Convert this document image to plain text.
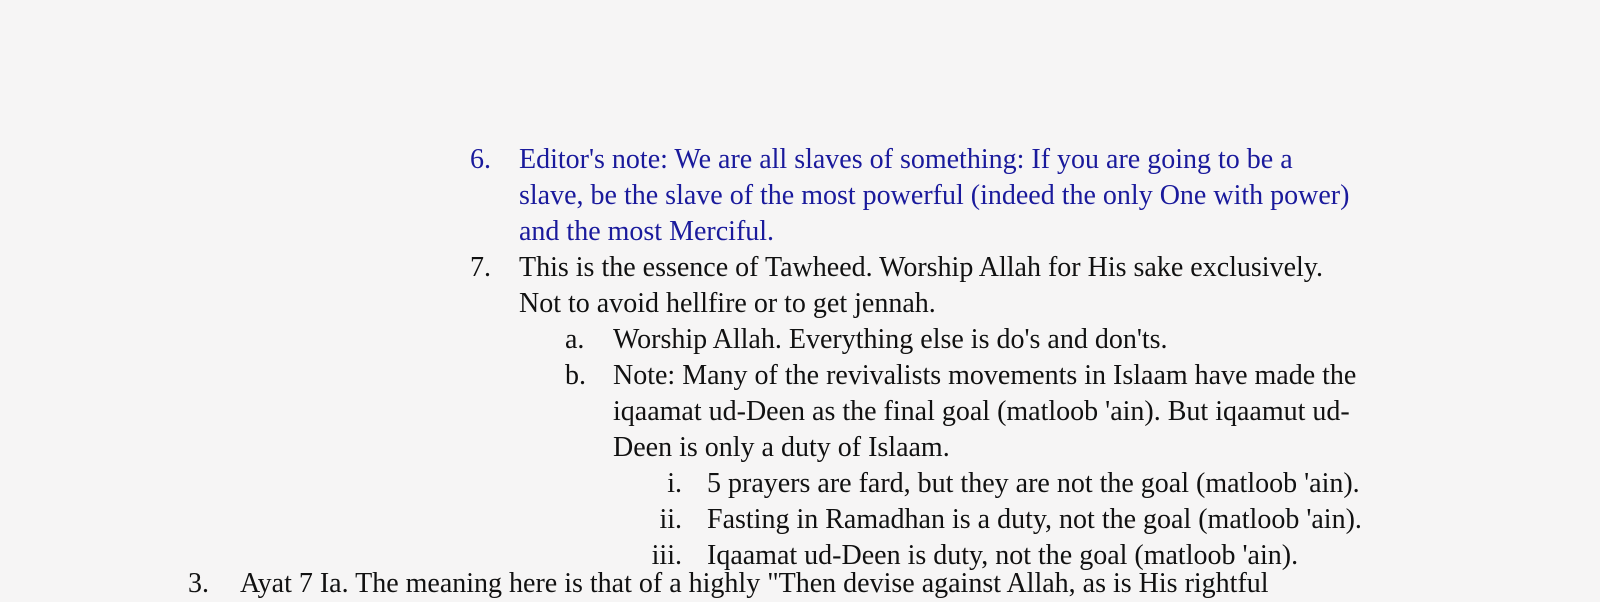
6. Editor's note: We are all slaves of something: If you are going to be a
slave, be the slave of the most powerful (indeed the only One with power)
and the most Merciful.
7. This is the essence of Tawheed. Worship Allah for His sake exclusively.
Not to avoid hellfire or to get jennah.
a. Worship Allah. Everything else is do's and don'ts.
b. Note: Many of the revivalists movements in Islaam have made the
iqaamat ud-Deen as the final goal (matloob 'ain). But iqaamut ud-
Deen is only a duty of Islaam.
i. 5 prayers are fard, but they are not the goal (matloob 'ain).
ii. Fasting in Ramadhan is a duty, not the goal (matloob 'ain).
iii. Iqaamat ud-Deen is duty, not the goal (matloob 'ain).
3. Ayat 7 Ia. The meaning here is that of a highly "Then devise against Allah, as is His rightful
